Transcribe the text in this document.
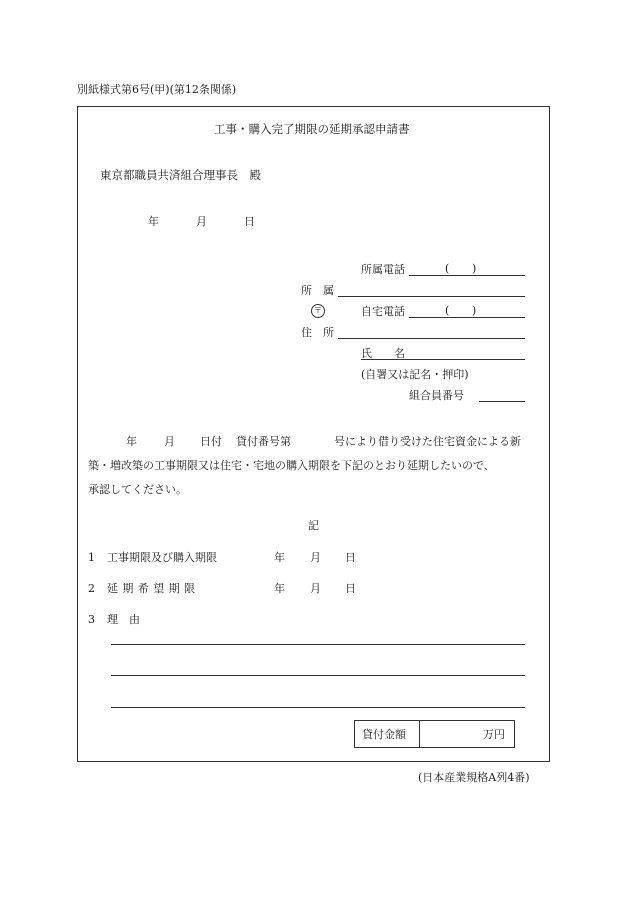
別紙様式第6号(甲)(第12条関係)
工事・購入完了期限の延期承認申請書
東京都職員共済組合理事長　殿
年	月	日
所属電話	( )
所　属
〒	自宅電話	( )
住　所
氏　　名
(自署又は記名・押印)
組合員番号
年 月 日付 貸付番号第	号により借り受けた住宅資金による新
築・増改築の工事期限又は住宅・宅地の購入期限を下記のとおり延期したいので、
承認してください。
記
1 工事期限及び購入期限	年 月 日
2 延期希望期限	年 月 日
3 理　由
貸付金額	万円
(日本産業規格A列4番)
